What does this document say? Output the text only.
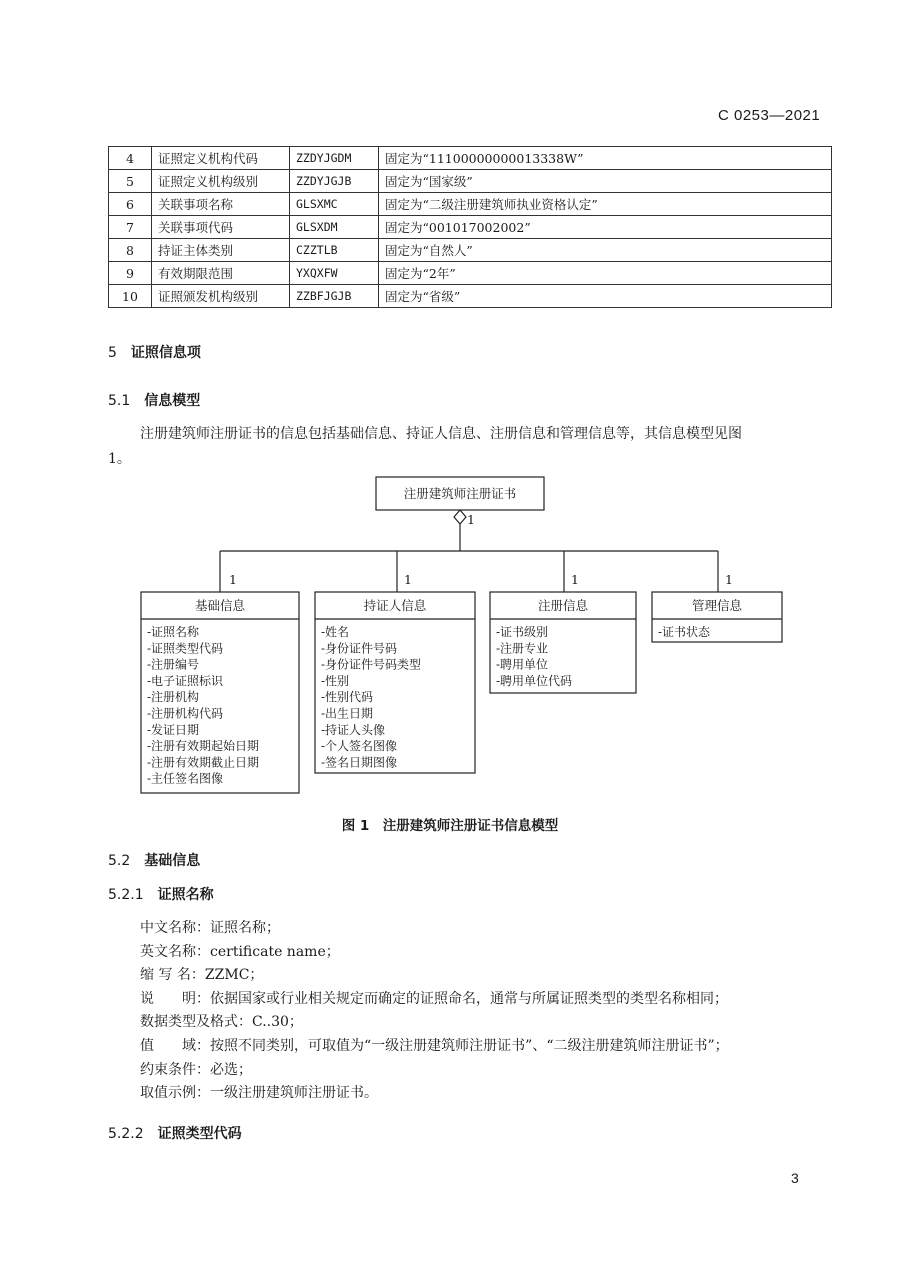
C 0253—2021
4	证照定义机构代码	ZZDYJGDM	固定为“11100000000013338W”
5	证照定义机构级别	ZZDYJGJB	固定为“国家级”
6	关联事项名称	GLSXMC	固定为“二级注册建筑师执业资格认定”
7	关联事项代码	GLSXDM	固定为“001017002002”
8	持证主体类别	CZZTLB	固定为“自然人”
9	有效期限范围	YXQXFW	固定为“2年”
10	证照颁发机构级别	ZZBFJGJB	固定为“省级”
5 证照信息项
5.1 信息模型
注册建筑师注册证书的信息包括基础信息、持证人信息、注册信息和管理信息等，其信息模型见图
1。
注册建筑师注册证书
1
1	1	1	1
基础信息	持证人信息	注册信息	管理信息
-证照名称
-证照类型代码
-注册编号
-电子证照标识
-注册机构
-注册机构代码
-发证日期
-注册有效期起始日期
-注册有效期截止日期
-主任签名图像
-姓名
-身份证件号码
-身份证件号码类型
-性别
-性别代码
-出生日期
-持证人头像
-个人签名图像
-签名日期图像
-证书级别
-注册专业
-聘用单位
-聘用单位代码
-证书状态
图 1　注册建筑师注册证书信息模型
5.2 基础信息
5.2.1 证照名称
中文名称：证照名称；
英文名称：certificate name；
缩 写 名：ZZMC；
说　　明：依据国家或行业相关规定而确定的证照命名，通常与所属证照类型的类型名称相同；
数据类型及格式：C..30；
值　　域：按照不同类别，可取值为“一级注册建筑师注册证书”、“二级注册建筑师注册证书”；
约束条件：必选；
取值示例：一级注册建筑师注册证书。
5.2.2 证照类型代码
3
